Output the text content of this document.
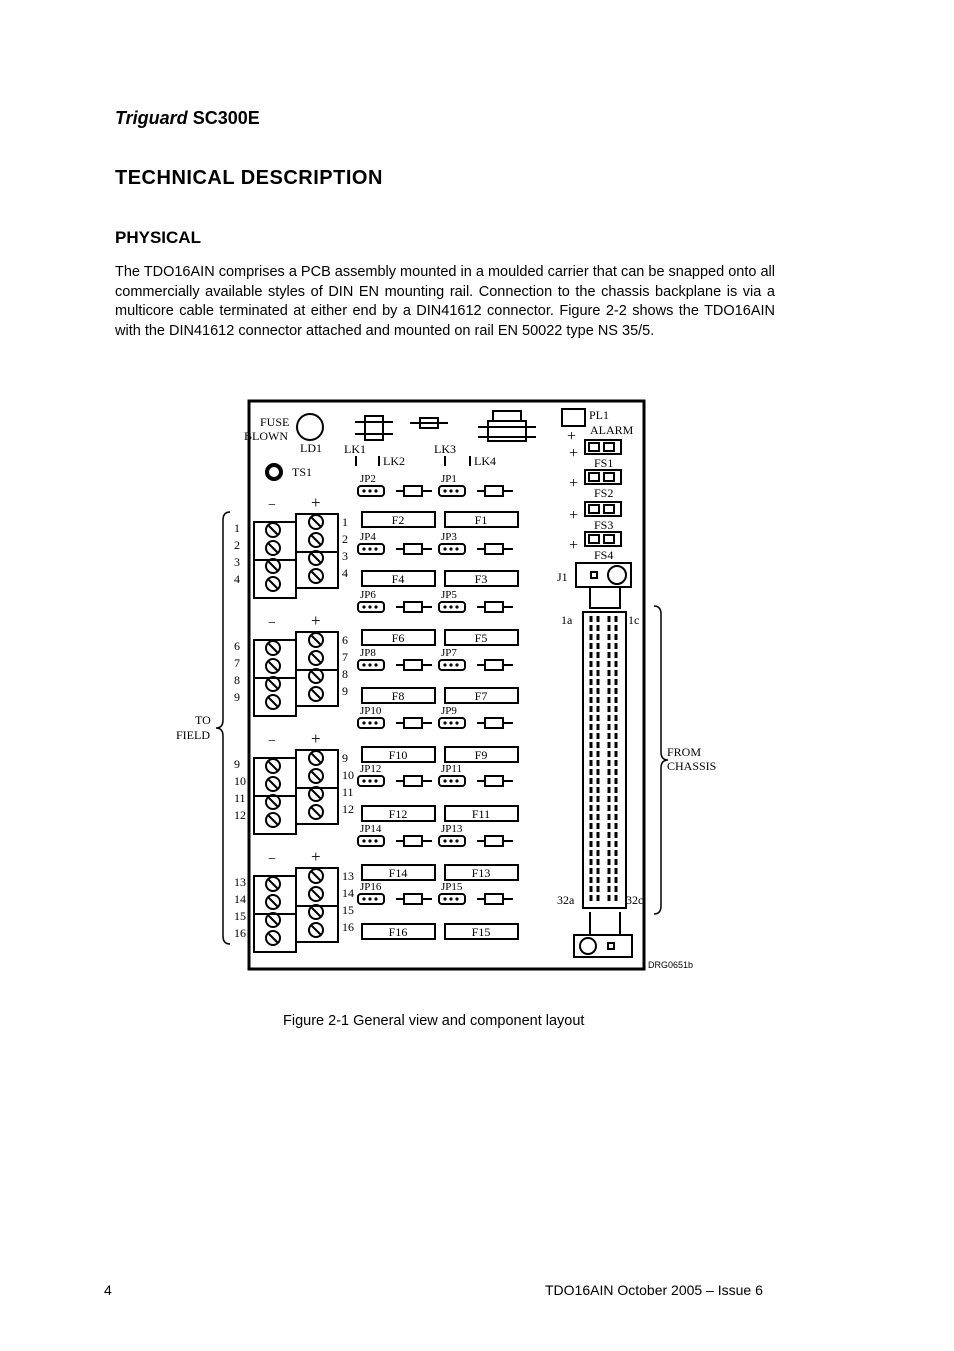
Triguard SC300E
TECHNICAL DESCRIPTION
PHYSICAL
The TDO16AIN comprises a PCB assembly mounted in a moulded carrier that can be snapped onto all commercially available styles of DIN EN mounting rail. Connection to the chassis backplane is via a multicore cable terminated at either end by a DIN41612 connector. Figure 2-2 shows the TDO16AIN with the DIN41612 connector attached and mounted on rail EN 50022 type NS 35/5.
FUSE
BLOWN
LD1
TS1
LK1
LK2
LK3
LK4
PL1
ALARM
+
+
+
+
+
FS1
FS2
FS3
FS4
J1
1a	1c
32a	32c
FROM
CHASSIS
TO
FIELD
DRG0651b
− +
1	1
2	2
3	3
4	4
− +
6	6
7	7
8	8
9	9
− +
9	9
10	10
11	11
12	12
− +
13	13
14	14
15	15
16	16
F2	F1
F4	F3
F6	F5
F8	F7
F10	F9
F12	F11
F14	F13
F16	F15
JP2	JP1
JP4	JP3
JP6	JP5
JP8	JP7
JP10	JP9
JP12	JP11
JP14	JP13
JP16	JP15
Figure 2-1 General view and component layout
4	TDO16AIN October 2005 – Issue 6
